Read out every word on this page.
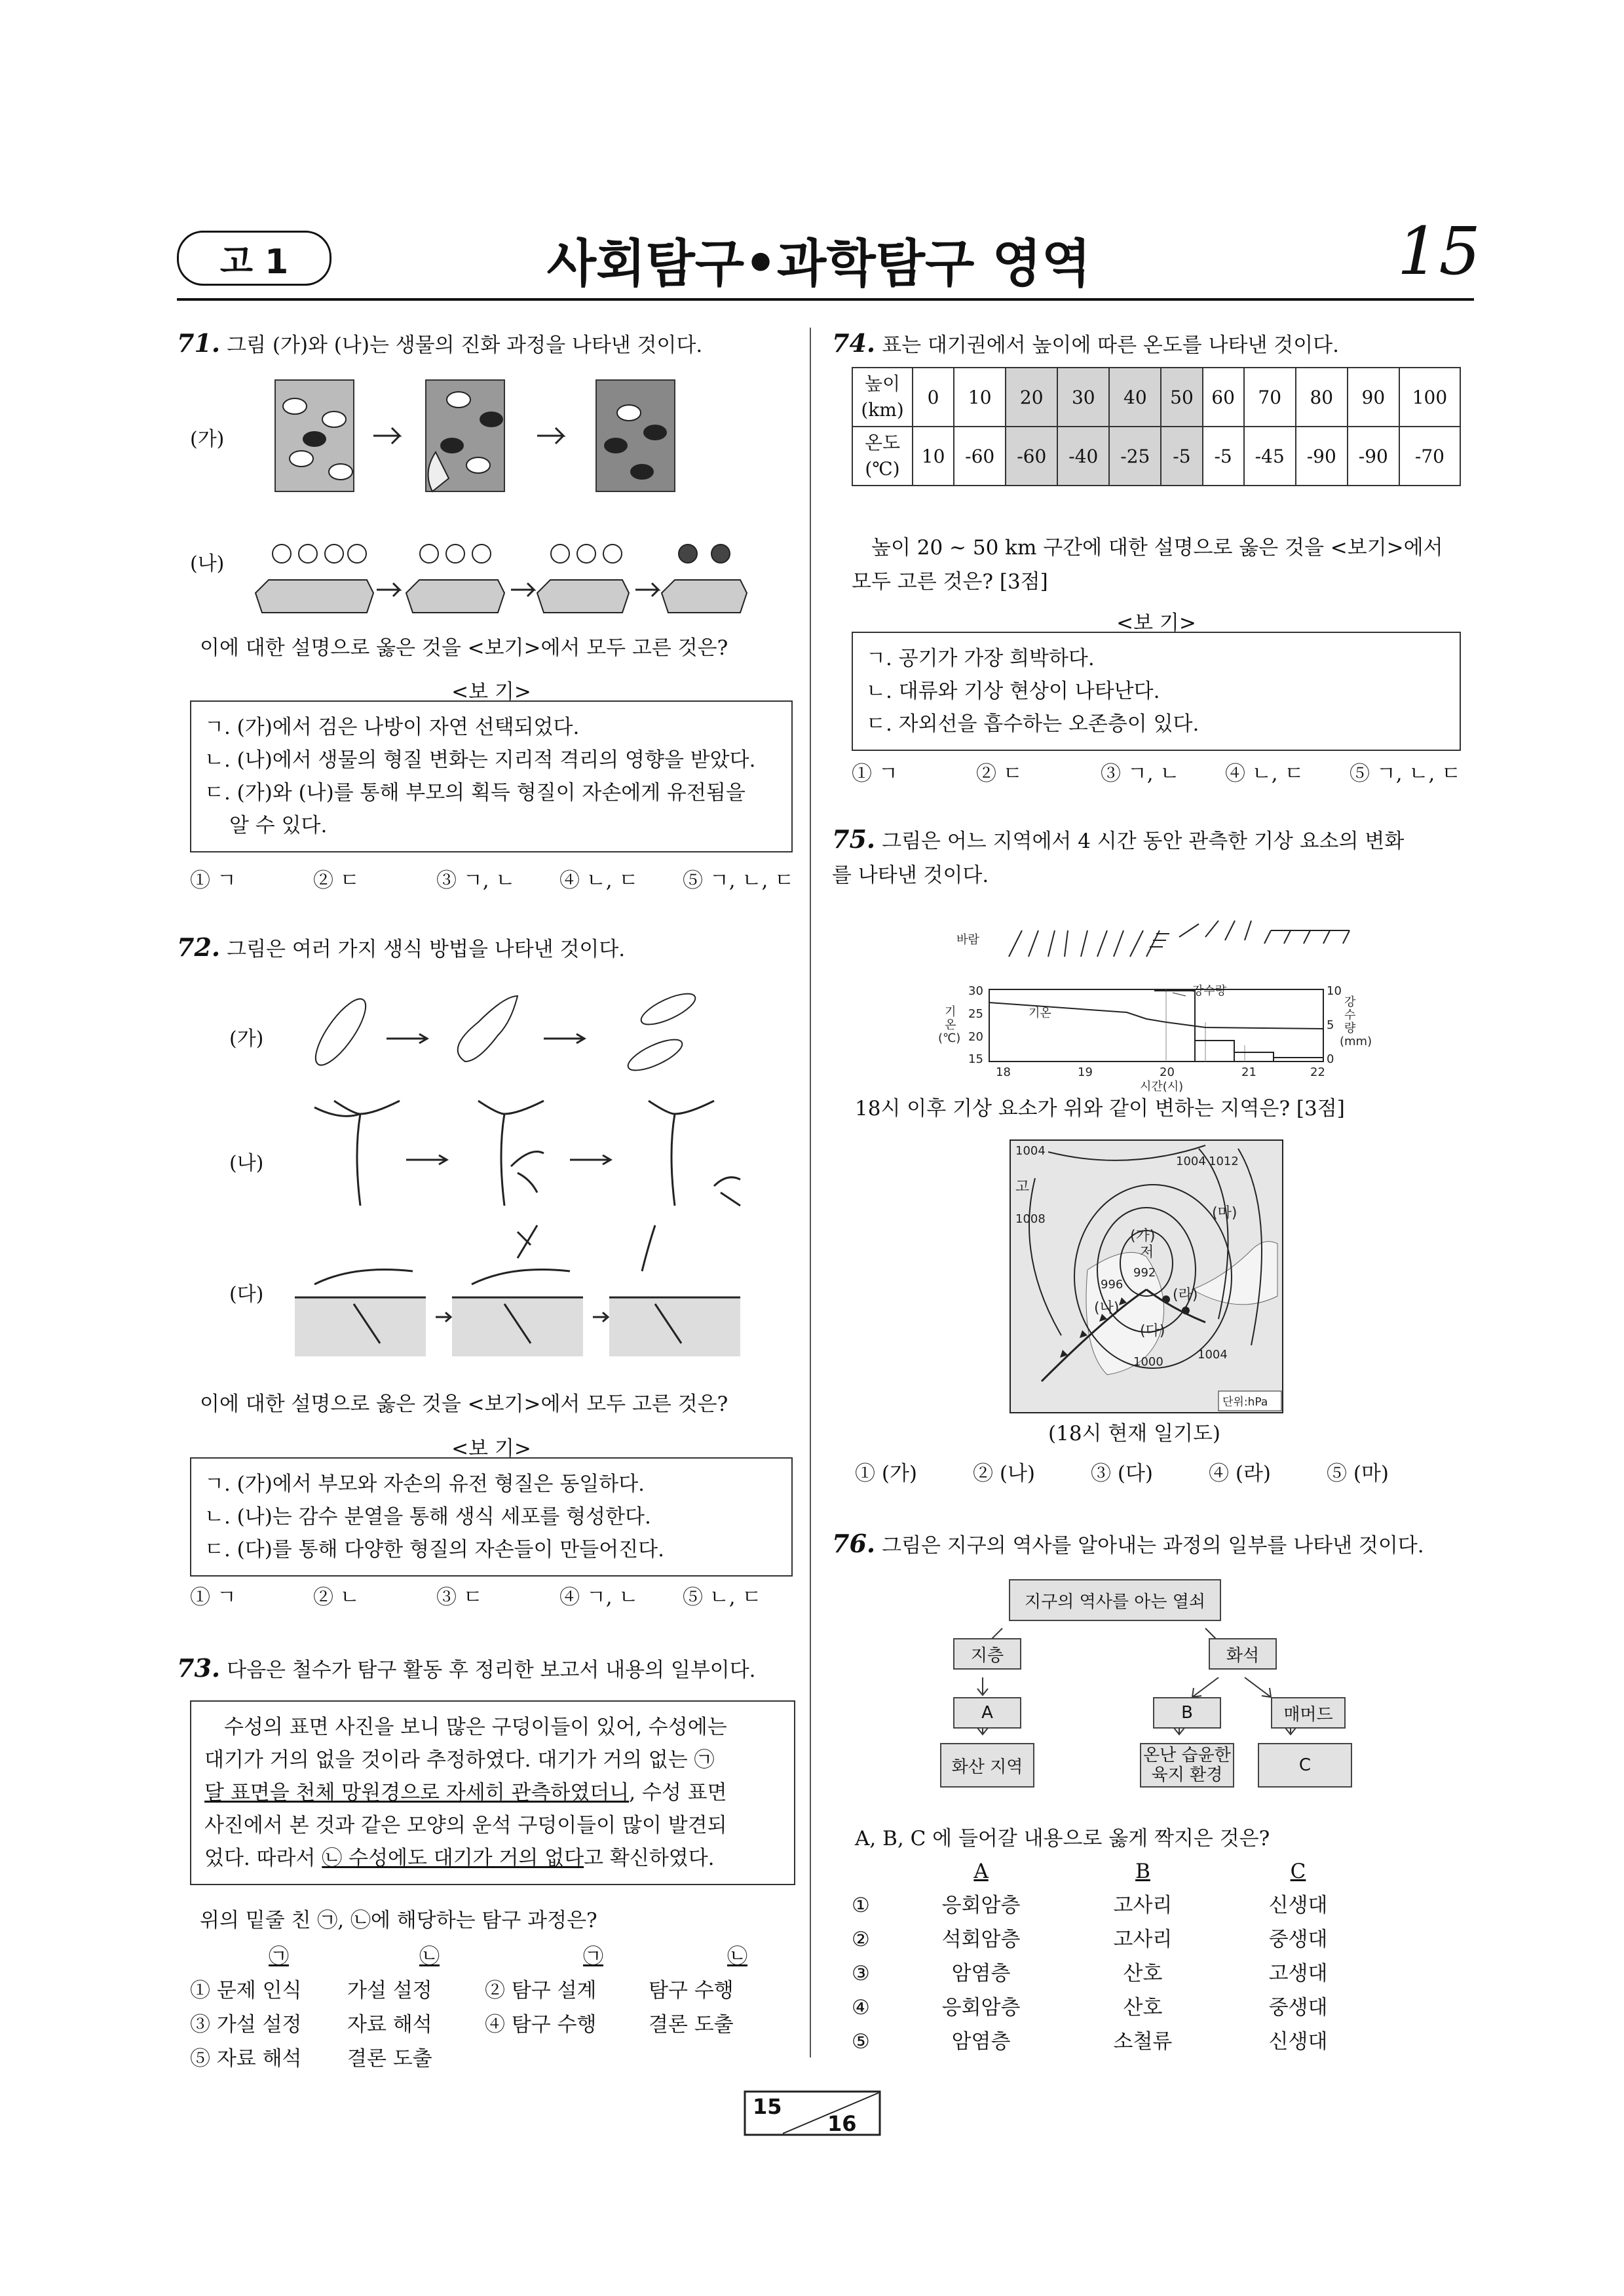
고 1	사회탐구•과학탐구 영역	15
71. 그림 (가)와 (나)는 생물의 진화 과정을 나타낸 것이다.
(가)
(나)
이에 대한 설명으로 옳은 것을 <보기>에서 모두 고른 것은?
<보 기>
ㄱ. (가)에서 검은 나방이 자연 선택되었다.
ㄴ. (나)에서 생물의 형질 변화는 지리적 격리의 영향을 받았다.
ㄷ. (가)와 (나)를 통해 부모의 획득 형질이 자손에게 유전됨을
알 수 있다.
① ㄱ	② ㄷ	③ ㄱ, ㄴ	④ ㄴ, ㄷ	⑤ ㄱ, ㄴ, ㄷ
72. 그림은 여러 가지 생식 방법을 나타낸 것이다.
(가)
(나)
(다)
이에 대한 설명으로 옳은 것을 <보기>에서 모두 고른 것은?
<보 기>
ㄱ. (가)에서 부모와 자손의 유전 형질은 동일하다.
ㄴ. (나)는 감수 분열을 통해 생식 세포를 형성한다.
ㄷ. (다)를 통해 다양한 형질의 자손들이 만들어진다.
① ㄱ	② ㄴ	③ ㄷ	④ ㄱ, ㄴ	⑤ ㄴ, ㄷ
73. 다음은 철수가 탐구 활동 후 정리한 보고서 내용의 일부이다.
수성의 표면 사진을 보니 많은 구덩이들이 있어, 수성에는
대기가 거의 없을 것이라 추정하였다. 대기가 거의 없는 ㉠
달 표면을 천체 망원경으로 자세히 관측하였더니, 수성 표면
사진에서 본 것과 같은 모양의 운석 구덩이들이 많이 발견되
었다. 따라서 ㉡ 수성에도 대기가 거의 없다고 확신하였다.
위의 밑줄 친 ㉠, ㉡에 해당하는 탐구 과정은?
㉠	㉡	㉠	㉡
① 문제 인식	가설 설정	② 탐구 설계	탐구 수행
③ 가설 설정	자료 해석	④ 탐구 수행	결론 도출
⑤ 자료 해석	결론 도출
74. 표는 대기권에서 높이에 따른 온도를 나타낸 것이다.
높이
(km)	0	10	20	30	40	50	60	70	80	90	100
온도
(℃)	10	-60	-60	-40	-25	-5	-5	-45	-90	-90	-70
높이 20 ~ 50 km 구간에 대한 설명으로 옳은 것을 <보기>에서
모두 고른 것은? [3점]
<보 기>
ㄱ. 공기가 가장 희박하다.
ㄴ. 대류와 기상 현상이 나타난다.
ㄷ. 자외선을 흡수하는 오존층이 있다.
① ㄱ	② ㄷ	③ ㄱ, ㄴ	④ ㄴ, ㄷ	⑤ ㄱ, ㄴ, ㄷ
75. 그림은 어느 지역에서 4 시간 동안 관측한 기상 요소의 변화
를 나타낸 것이다.
바람
기
온
(℃)
30
25
20
15
10
5
0
강
수
량
(mm)
18	19	20	21	22
시간(시)
기온
강수량
18시 이후 기상 요소가 위와 같이 변하는 지역은? [3점]
1004
1004 1012
1008
992
996
1000
1004
고
저
(가)
(나)
(다)
(라)
(마)
단위:hPa
(18시 현재 일기도)
① (가)	② (나)	③ (다)	④ (라)	⑤ (마)
76. 그림은 지구의 역사를 알아내는 과정의 일부를 나타낸 것이다.
지구의 역사를 아는 열쇠
지층	화석
A	B	매머드
화산 지역
온난 습윤한
육지 환경	C
A, B, C 에 들어갈 내용으로 옳게 짝지은 것은?
A	B	C
①	응회암층	고사리	신생대
②	석회암층	고사리	중생대
③	암염층	산호	고생대
④	응회암층	산호	중생대
⑤	암염층	소철류	신생대
15
16
